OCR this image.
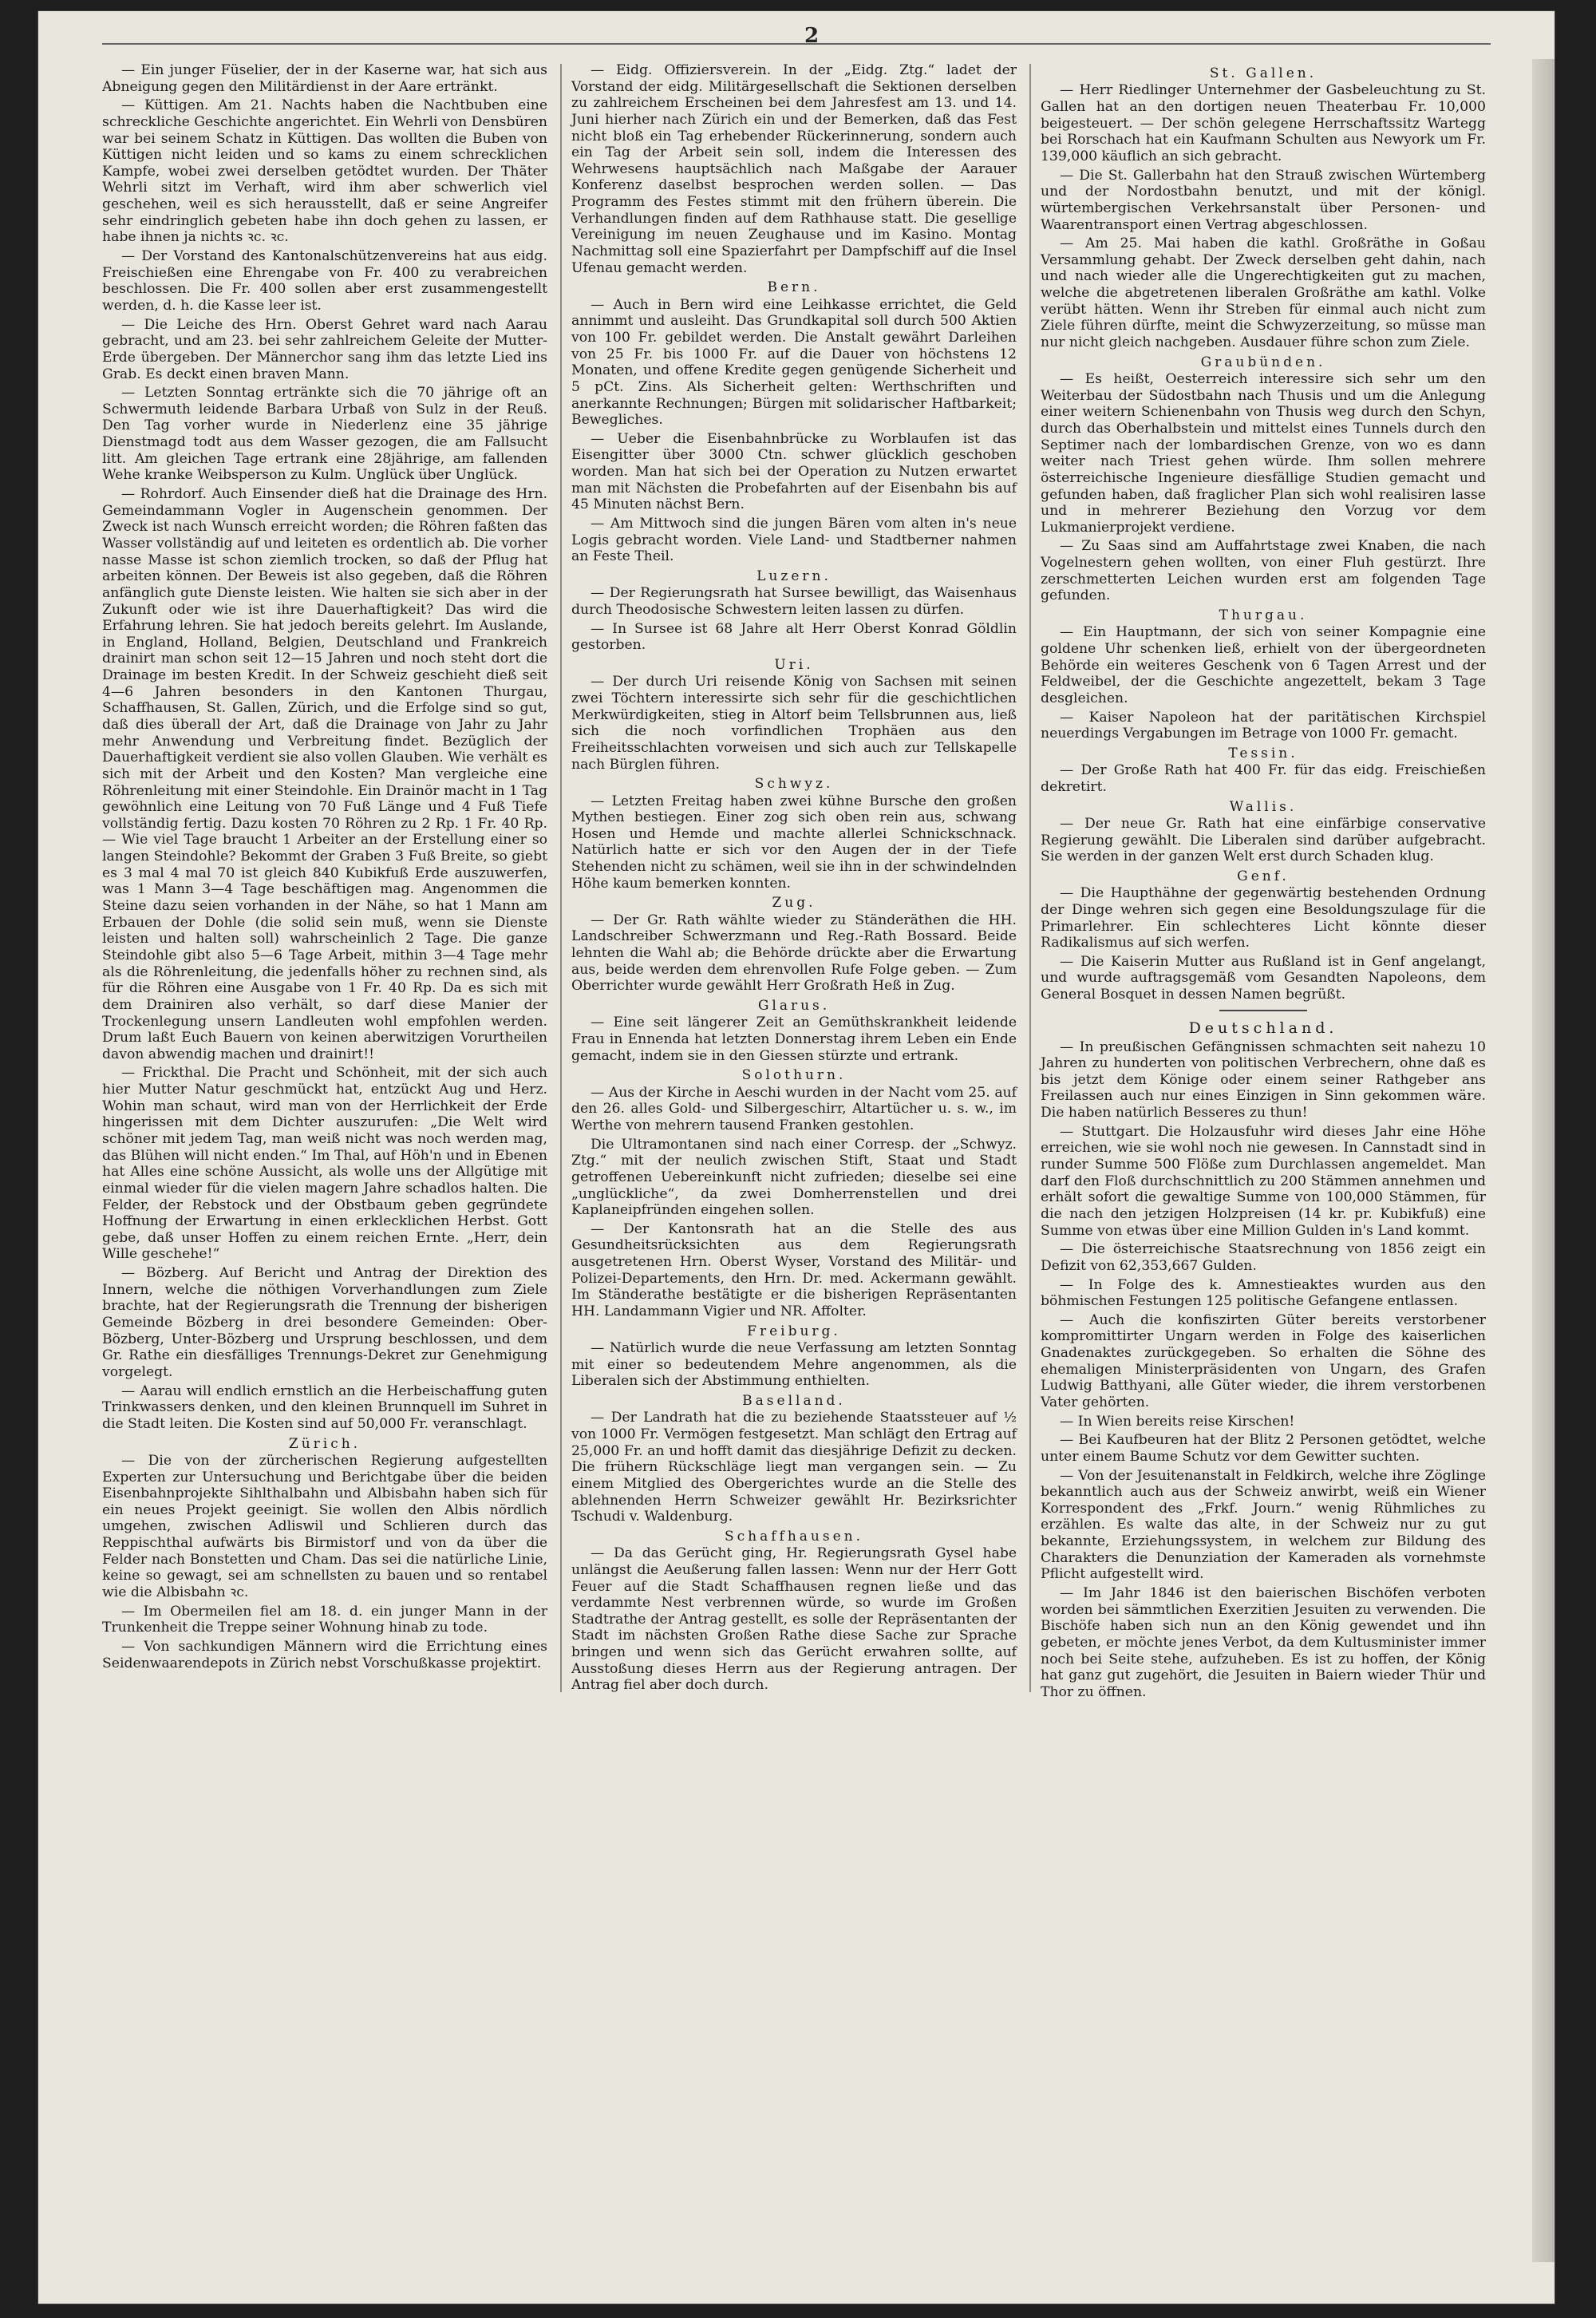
2

— Ein junger Füselier, der in der Kaserne war, hat sich aus Abneigung gegen den Militärdienst in der Aare ertränkt.

— Küttigen. Am 21. Nachts haben die Nachtbuben eine schreckliche Geschichte angerichtet. Ein Wehrli von Densbüren war bei seinem Schatz in Küttigen. Das wollten die Buben von Küttigen nicht leiden und so kams zu einem schrecklichen Kampfe, wobei zwei derselben getödtet wurden. Der Thäter Wehrli sitzt im Verhaft, wird ihm aber schwerlich viel geschehen, weil es sich herausstellt, daß er seine Angreifer sehr eindringlich gebeten habe ihn doch gehen zu lassen, er habe ihnen ja nichts ꝛc. ꝛc.

— Der Vorstand des Kantonalschützenvereins hat aus eidg. Freischießen eine Ehrengabe von Fr. 400 zu verabreichen beschlossen. Die Fr. 400 sollen aber erst zusammengestellt werden, d. h. die Kasse leer ist.

— Die Leiche des Hrn. Oberst Gehret ward nach Aarau gebracht, und am 23. bei sehr zahlreichem Geleite der Mutter-Erde übergeben. Der Männerchor sang ihm das letzte Lied ins Grab. Es deckt einen braven Mann.

— Letzten Sonntag ertränkte sich die 70 jährige oft an Schwermuth leidende Barbara Urbaß von Sulz in der Reuß. Den Tag vorher wurde in Niederlenz eine 35 jährige Dienstmagd todt aus dem Wasser gezogen, die am Fallsucht litt. Am gleichen Tage ertrank eine 28jährige, am fallenden Wehe kranke Weibsperson zu Kulm. Unglück über Unglück.

— Rohrdorf. Auch Einsender dieß hat die Drainage des Hrn. Gemeindammann Vogler in Augenschein genommen. Der Zweck ist nach Wunsch erreicht worden; die Röhren faßten das Wasser vollständig auf und leiteten es ordentlich ab. Die vorher nasse Masse ist schon ziemlich trocken, so daß der Pflug hat arbeiten können. Der Beweis ist also gegeben, daß die Röhren anfänglich gute Dienste leisten. Wie halten sie sich aber in der Zukunft oder wie ist ihre Dauerhaftigkeit? Das wird die Erfahrung lehren. Sie hat jedoch bereits gelehrt. Im Auslande, in England, Holland, Belgien, Deutschland und Frankreich drainirt man schon seit 12—15 Jahren und noch steht dort die Drainage im besten Kredit. In der Schweiz geschieht dieß seit 4—6 Jahren besonders in den Kantonen Thurgau, Schaffhausen, St. Gallen, Zürich, und die Erfolge sind so gut, daß dies überall der Art, daß die Drainage von Jahr zu Jahr mehr Anwendung und Verbreitung findet. Bezüglich der Dauerhaftigkeit verdient sie also vollen Glauben. Wie verhält es sich mit der Arbeit und den Kosten? Man vergleiche eine Röhrenleitung mit einer Steindohle. Ein Drainör macht in 1 Tag gewöhnlich eine Leitung von 70 Fuß Länge und 4 Fuß Tiefe vollständig fertig. Dazu kosten 70 Röhren zu 2 Rp. 1 Fr. 40 Rp. — Wie viel Tage braucht 1 Arbeiter an der Erstellung einer so langen Steindohle? Bekommt der Graben 3 Fuß Breite, so giebt es 3 mal 4 mal 70 ist gleich 840 Kubikfuß Erde auszuwerfen, was 1 Mann 3—4 Tage beschäftigen mag. Angenommen die Steine dazu seien vorhanden in der Nähe, so hat 1 Mann am Erbauen der Dohle (die solid sein muß, wenn sie Dienste leisten und halten soll) wahrscheinlich 2 Tage. Die ganze Steindohle gibt also 5—6 Tage Arbeit, mithin 3—4 Tage mehr als die Röhrenleitung, die jedenfalls höher zu rechnen sind, als für die Röhren eine Ausgabe von 1 Fr. 40 Rp. Da es sich mit dem Drainiren also verhält, so darf diese Manier der Trockenlegung unsern Landleuten wohl empfohlen werden. Drum laßt Euch Bauern von keinen aberwitzigen Vorurtheilen davon abwendig machen und drainirt!!

— Frickthal. Die Pracht und Schönheit, mit der sich auch hier Mutter Natur geschmückt hat, entzückt Aug und Herz. Wohin man schaut, wird man von der Herrlichkeit der Erde hingerissen mit dem Dichter auszurufen: „Die Welt wird schöner mit jedem Tag, man weiß nicht was noch werden mag, das Blühen will nicht enden.“ Im Thal, auf Höh'n und in Ebenen hat Alles eine schöne Aussicht, als wolle uns der Allgütige mit einmal wieder für die vielen magern Jahre schadlos halten. Die Felder, der Rebstock und der Obstbaum geben gegründete Hoffnung der Erwartung in einen erklecklichen Herbst. Gott gebe, daß unser Hoffen zu einem reichen Ernte. „Herr, dein Wille geschehe!“

— Bözberg. Auf Bericht und Antrag der Direktion des Innern, welche die nöthigen Vorverhandlungen zum Ziele brachte, hat der Regierungsrath die Trennung der bisherigen Gemeinde Bözberg in drei besondere Gemeinden: Ober-Bözberg, Unter-Bözberg und Ursprung beschlossen, und dem Gr. Rathe ein diesfälliges Trennungs-Dekret zur Genehmigung vorgelegt.

— Aarau will endlich ernstlich an die Herbeischaffung guten Trinkwassers denken, und den kleinen Brunnquell im Suhret in die Stadt leiten. Die Kosten sind auf 50,000 Fr. veranschlagt.

Zürich.

— Die von der zürcherischen Regierung aufgestellten Experten zur Untersuchung und Berichtgabe über die beiden Eisenbahnprojekte Sihlthalbahn und Albisbahn haben sich für ein neues Projekt geeinigt. Sie wollen den Albis nördlich umgehen, zwischen Adliswil und Schlieren durch das Reppischthal aufwärts bis Birmistorf und von da über die Felder nach Bonstetten und Cham. Das sei die natürliche Linie, keine so gewagt, sei am schnellsten zu bauen und so rentabel wie die Albisbahn ꝛc.

— Im Obermeilen fiel am 18. d. ein junger Mann in der Trunkenheit die Treppe seiner Wohnung hinab zu tode.

— Von sachkundigen Männern wird die Errichtung eines Seidenwaarendepots in Zürich nebst Vorschußkasse projektirt.

— Eidg. Offiziersverein. In der „Eidg. Ztg.“ ladet der Vorstand der eidg. Militärgesellschaft die Sektionen derselben zu zahlreichem Erscheinen bei dem Jahresfest am 13. und 14. Juni hierher nach Zürich ein und der Bemerken, daß das Fest nicht bloß ein Tag erhebender Rückerinnerung, sondern auch ein Tag der Arbeit sein soll, indem die Interessen des Wehrwesens hauptsächlich nach Maßgabe der Aarauer Konferenz daselbst besprochen werden sollen. — Das Programm des Festes stimmt mit den frühern überein. Die Verhandlungen finden auf dem Rathhause statt. Die gesellige Vereinigung im neuen Zeughause und im Kasino. Montag Nachmittag soll eine Spazierfahrt per Dampfschiff auf die Insel Ufenau gemacht werden.

Bern.

— Auch in Bern wird eine Leihkasse errichtet, die Geld annimmt und ausleiht. Das Grundkapital soll durch 500 Aktien von 100 Fr. gebildet werden. Die Anstalt gewährt Darleihen von 25 Fr. bis 1000 Fr. auf die Dauer von höchstens 12 Monaten, und offene Kredite gegen genügende Sicherheit und 5 pCt. Zins. Als Sicherheit gelten: Werthschriften und anerkannte Rechnungen; Bürgen mit solidarischer Haftbarkeit; Bewegliches.

— Ueber die Eisenbahnbrücke zu Worblaufen ist das Eisengitter über 3000 Ctn. schwer glücklich geschoben worden. Man hat sich bei der Operation zu Nutzen erwartet man mit Nächsten die Probefahrten auf der Eisenbahn bis auf 45 Minuten nächst Bern.

— Am Mittwoch sind die jungen Bären vom alten in's neue Logis gebracht worden. Viele Land- und Stadtberner nahmen an Feste Theil.

Luzern.

— Der Regierungsrath hat Sursee bewilligt, das Waisenhaus durch Theodosische Schwestern leiten lassen zu dürfen.

— In Sursee ist 68 Jahre alt Herr Oberst Konrad Göldlin gestorben.

Uri.

— Der durch Uri reisende König von Sachsen mit seinen zwei Töchtern interessirte sich sehr für die geschichtlichen Merkwürdigkeiten, stieg in Altorf beim Tellsbrunnen aus, ließ sich die noch vorfindlichen Trophäen aus den Freiheitsschlachten vorweisen und sich auch zur Tellskapelle nach Bürglen führen.

Schwyz.

— Letzten Freitag haben zwei kühne Bursche den großen Mythen bestiegen. Einer zog sich oben rein aus, schwang Hosen und Hemde und machte allerlei Schnickschnack. Natürlich hatte er sich vor den Augen der in der Tiefe Stehenden nicht zu schämen, weil sie ihn in der schwindelnden Höhe kaum bemerken konnten.

Zug.

— Der Gr. Rath wählte wieder zu Ständeräthen die HH. Landschreiber Schwerzmann und Reg.-Rath Bossard. Beide lehnten die Wahl ab; die Behörde drückte aber die Erwartung aus, beide werden dem ehrenvollen Rufe Folge geben. — Zum Oberrichter wurde gewählt Herr Großrath Heß in Zug.

Glarus.

— Eine seit längerer Zeit an Gemüthskrankheit leidende Frau in Ennenda hat letzten Donnerstag ihrem Leben ein Ende gemacht, indem sie in den Giessen stürzte und ertrank.

Solothurn.

— Aus der Kirche in Aeschi wurden in der Nacht vom 25. auf den 26. alles Gold- und Silbergeschirr, Altartücher u. s. w., im Werthe von mehrern tausend Franken gestohlen.

Die Ultramontanen sind nach einer Corresp. der „Schwyz. Ztg.“ mit der neulich zwischen Stift, Staat und Stadt getroffenen Uebereinkunft nicht zufrieden; dieselbe sei eine „unglückliche“, da zwei Domherrenstellen und drei Kaplaneipfründen eingehen sollen.

— Der Kantonsrath hat an die Stelle des aus Gesundheitsrücksichten aus dem Regierungsrath ausgetretenen Hrn. Oberst Wyser, Vorstand des Militär- und Polizei-Departements, den Hrn. Dr. med. Ackermann gewählt. Im Ständerathe bestätigte er die bisherigen Repräsentanten HH. Landammann Vigier und NR. Affolter.

Freiburg.

— Natürlich wurde die neue Verfassung am letzten Sonntag mit einer so bedeutendem Mehre angenommen, als die Liberalen sich der Abstimmung enthielten.

Baselland.

— Der Landrath hat die zu beziehende Staatssteuer auf ½ von 1000 Fr. Vermögen festgesetzt. Man schlägt den Ertrag auf 25,000 Fr. an und hofft damit das diesjährige Defizit zu decken. Die frühern Rückschläge liegt man vergangen sein. — Zu einem Mitglied des Obergerichtes wurde an die Stelle des ablehnenden Herrn Schweizer gewählt Hr. Bezirksrichter Tschudi v. Waldenburg.

Schaffhausen.

— Da das Gerücht ging, Hr. Regierungsrath Gysel habe unlängst die Aeußerung fallen lassen: Wenn nur der Herr Gott Feuer auf die Stadt Schaffhausen regnen ließe und das verdammte Nest verbrennen würde, so wurde im Großen Stadtrathe der Antrag gestellt, es solle der Repräsentanten der Stadt im nächsten Großen Rathe diese Sache zur Sprache bringen und wenn sich das Gerücht erwahren sollte, auf Ausstoßung dieses Herrn aus der Regierung antragen. Der Antrag fiel aber doch durch.

St. Gallen.

— Herr Riedlinger Unternehmer der Gasbeleuchtung zu St. Gallen hat an den dortigen neuen Theaterbau Fr. 10,000 beigesteuert. — Der schön gelegene Herrschaftssitz Wartegg bei Rorschach hat ein Kaufmann Schulten aus Newyork um Fr. 139,000 käuflich an sich gebracht.

— Die St. Gallerbahn hat den Strauß zwischen Würtemberg und der Nordostbahn benutzt, und mit der königl. würtembergischen Verkehrsanstalt über Personen- und Waarentransport einen Vertrag abgeschlossen.

— Am 25. Mai haben die kathl. Großräthe in Goßau Versammlung gehabt. Der Zweck derselben geht dahin, nach und nach wieder alle die Ungerechtigkeiten gut zu machen, welche die abgetretenen liberalen Großräthe am kathl. Volke verübt hätten. Wenn ihr Streben für einmal auch nicht zum Ziele führen dürfte, meint die Schwyzerzeitung, so müsse man nur nicht gleich nachgeben. Ausdauer führe schon zum Ziele.

Graubünden.

— Es heißt, Oesterreich interessire sich sehr um den Weiterbau der Südostbahn nach Thusis und um die Anlegung einer weitern Schienenbahn von Thusis weg durch den Schyn, durch das Oberhalbstein und mittelst eines Tunnels durch den Septimer nach der lombardischen Grenze, von wo es dann weiter nach Triest gehen würde. Ihm sollen mehrere österreichische Ingenieure diesfällige Studien gemacht und gefunden haben, daß fraglicher Plan sich wohl realisiren lasse und in mehrerer Beziehung den Vorzug vor dem Lukmanierprojekt verdiene.

— Zu Saas sind am Auffahrtstage zwei Knaben, die nach Vogelnestern gehen wollten, von einer Fluh gestürzt. Ihre zerschmetterten Leichen wurden erst am folgenden Tage gefunden.

Thurgau.

— Ein Hauptmann, der sich von seiner Kompagnie eine goldene Uhr schenken ließ, erhielt von der übergeordneten Behörde ein weiteres Geschenk von 6 Tagen Arrest und der Feldweibel, der die Geschichte angezettelt, bekam 3 Tage desgleichen.

— Kaiser Napoleon hat der paritätischen Kirchspiel neuerdings Vergabungen im Betrage von 1000 Fr. gemacht.

Tessin.

— Der Große Rath hat 400 Fr. für das eidg. Freischießen dekretirt.

Wallis.

— Der neue Gr. Rath hat eine einfärbige conservative Regierung gewählt. Die Liberalen sind darüber aufgebracht. Sie werden in der ganzen Welt erst durch Schaden klug.

Genf.

— Die Haupthähne der gegenwärtig bestehenden Ordnung der Dinge wehren sich gegen eine Besoldungszulage für die Primarlehrer. Ein schlechteres Licht könnte dieser Radikalismus auf sich werfen.

— Die Kaiserin Mutter aus Rußland ist in Genf angelangt, und wurde auftragsgemäß vom Gesandten Napoleons, dem General Bosquet in dessen Namen begrüßt.

Deutschland.

— In preußischen Gefängnissen schmachten seit nahezu 10 Jahren zu hunderten von politischen Verbrechern, ohne daß es bis jetzt dem Könige oder einem seiner Rathgeber ans Freilassen auch nur eines Einzigen in Sinn gekommen wäre. Die haben natürlich Besseres zu thun!

— Stuttgart. Die Holzausfuhr wird dieses Jahr eine Höhe erreichen, wie sie wohl noch nie gewesen. In Cannstadt sind in runder Summe 500 Flöße zum Durchlassen angemeldet. Man darf den Floß durchschnittlich zu 200 Stämmen annehmen und erhält sofort die gewaltige Summe von 100,000 Stämmen, für die nach den jetzigen Holzpreisen (14 kr. pr. Kubikfuß) eine Summe von etwas über eine Million Gulden in's Land kommt.

— Die österreichische Staatsrechnung von 1856 zeigt ein Defizit von 62,353,667 Gulden.

— In Folge des k. Amnestieaktes wurden aus den böhmischen Festungen 125 politische Gefangene entlassen.

— Auch die konfiszirten Güter bereits verstorbener kompromittirter Ungarn werden in Folge des kaiserlichen Gnadenaktes zurückgegeben. So erhalten die Söhne des ehemaligen Ministerpräsidenten von Ungarn, des Grafen Ludwig Batthyani, alle Güter wieder, die ihrem verstorbenen Vater gehörten.

— In Wien bereits reise Kirschen!

— Bei Kaufbeuren hat der Blitz 2 Personen getödtet, welche unter einem Baume Schutz vor dem Gewitter suchten.

— Von der Jesuitenanstalt in Feldkirch, welche ihre Zöglinge bekanntlich auch aus der Schweiz anwirbt, weiß ein Wiener Korrespondent des „Frkf. Journ.“ wenig Rühmliches zu erzählen. Es walte das alte, in der Schweiz nur zu gut bekannte, Erziehungssystem, in welchem zur Bildung des Charakters die Denunziation der Kameraden als vornehmste Pflicht aufgestellt wird.

— Im Jahr 1846 ist den baierischen Bischöfen verboten worden bei sämmtlichen Exerzitien Jesuiten zu verwenden. Die Bischöfe haben sich nun an den König gewendet und ihn gebeten, er möchte jenes Verbot, da dem Kultusminister immer noch bei Seite stehe, aufzuheben. Es ist zu hoffen, der König hat ganz gut zugehört, die Jesuiten in Baiern wieder Thür und Thor zu öffnen.
